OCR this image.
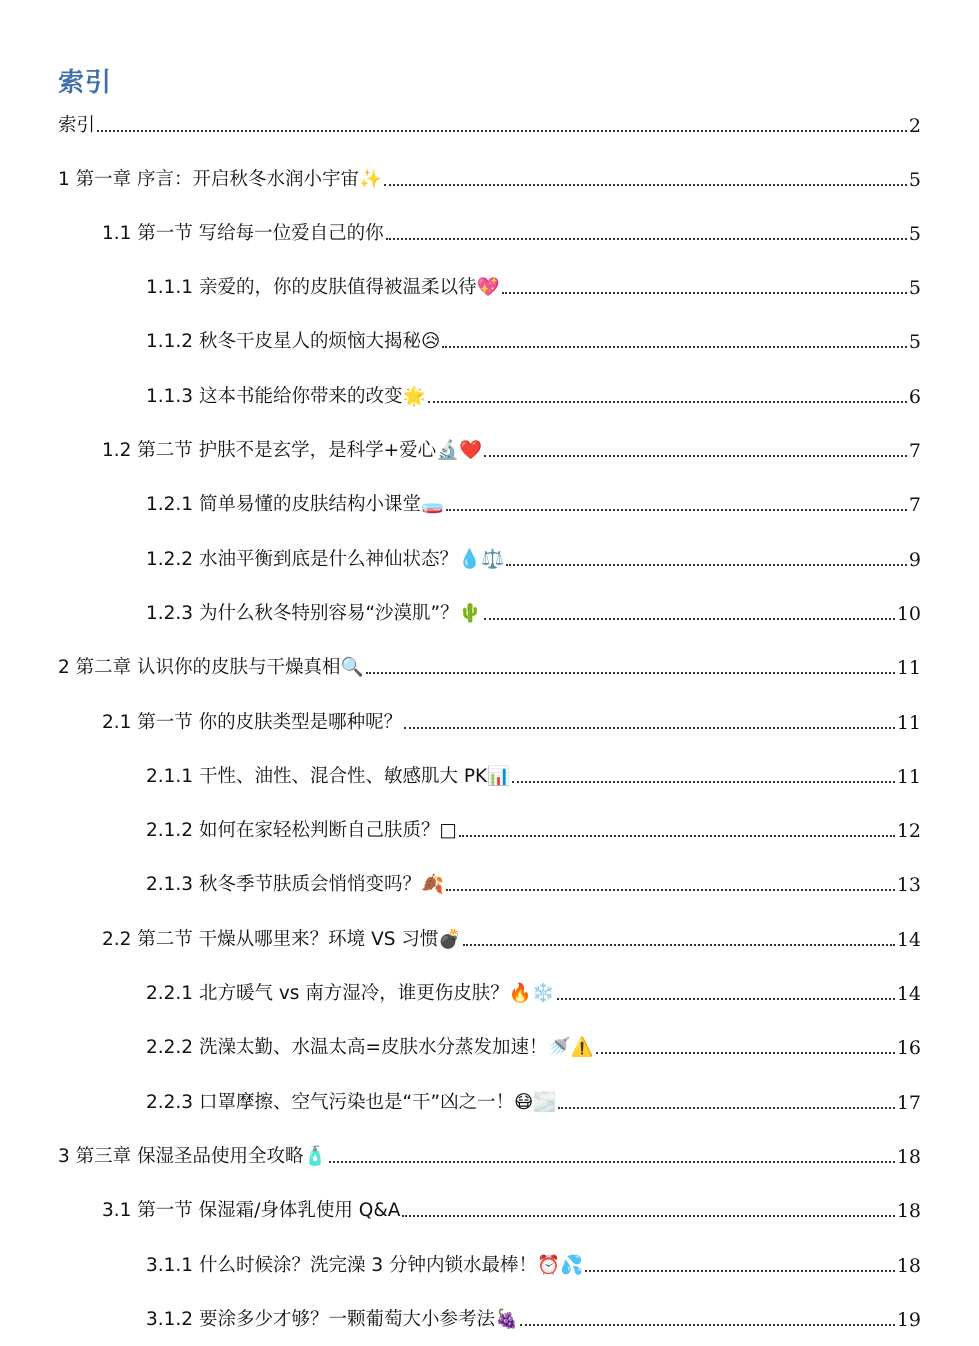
索引
索引	2
1 第一章 序言：开启秋冬水润小宇宙✨	5
1.1 第一节 写给每一位爱自己的你	5
1.1.1 亲爱的，你的皮肤值得被温柔以待💖	5
1.1.2 秋冬干皮星人的烦恼大揭秘😥	5
1.1.3 这本书能给你带来的改变🌟	6
1.2 第二节 护肤不是玄学，是科学+爱心🔬❤️	7
1.2.1 简单易懂的皮肤结构小课堂🧫	7
1.2.2 水油平衡到底是什么神仙状态？💧⚖️	9
1.2.3 为什么秋冬特别容易“沙漠肌”？🌵	10
2 第二章 认识你的皮肤与干燥真相🔍	11
2.1 第一节 你的皮肤类型是哪种呢？	11
2.1.1 干性、油性、混合性、敏感肌大 PK📊	11
2.1.2 如何在家轻松判断自己肤质？□	12
2.1.3 秋冬季节肤质会悄悄变吗？🍂	13
2.2 第二节 干燥从哪里来？环境 VS 习惯💣	14
2.2.1 北方暖气 vs 南方湿冷，谁更伤皮肤？🔥❄️	14
2.2.2 洗澡太勤、水温太高=皮肤水分蒸发加速！🚿⚠️	16
2.2.3 口罩摩擦、空气污染也是“干”凶之一！😷🌫️	17
3 第三章 保湿圣品使用全攻略🧴	18
3.1 第一节 保湿霜/身体乳使用 Q&A	18
3.1.1 什么时候涂？洗完澡 3 分钟内锁水最棒！⏰💦	18
3.1.2 要涂多少才够？一颗葡萄大小参考法🍇	19
